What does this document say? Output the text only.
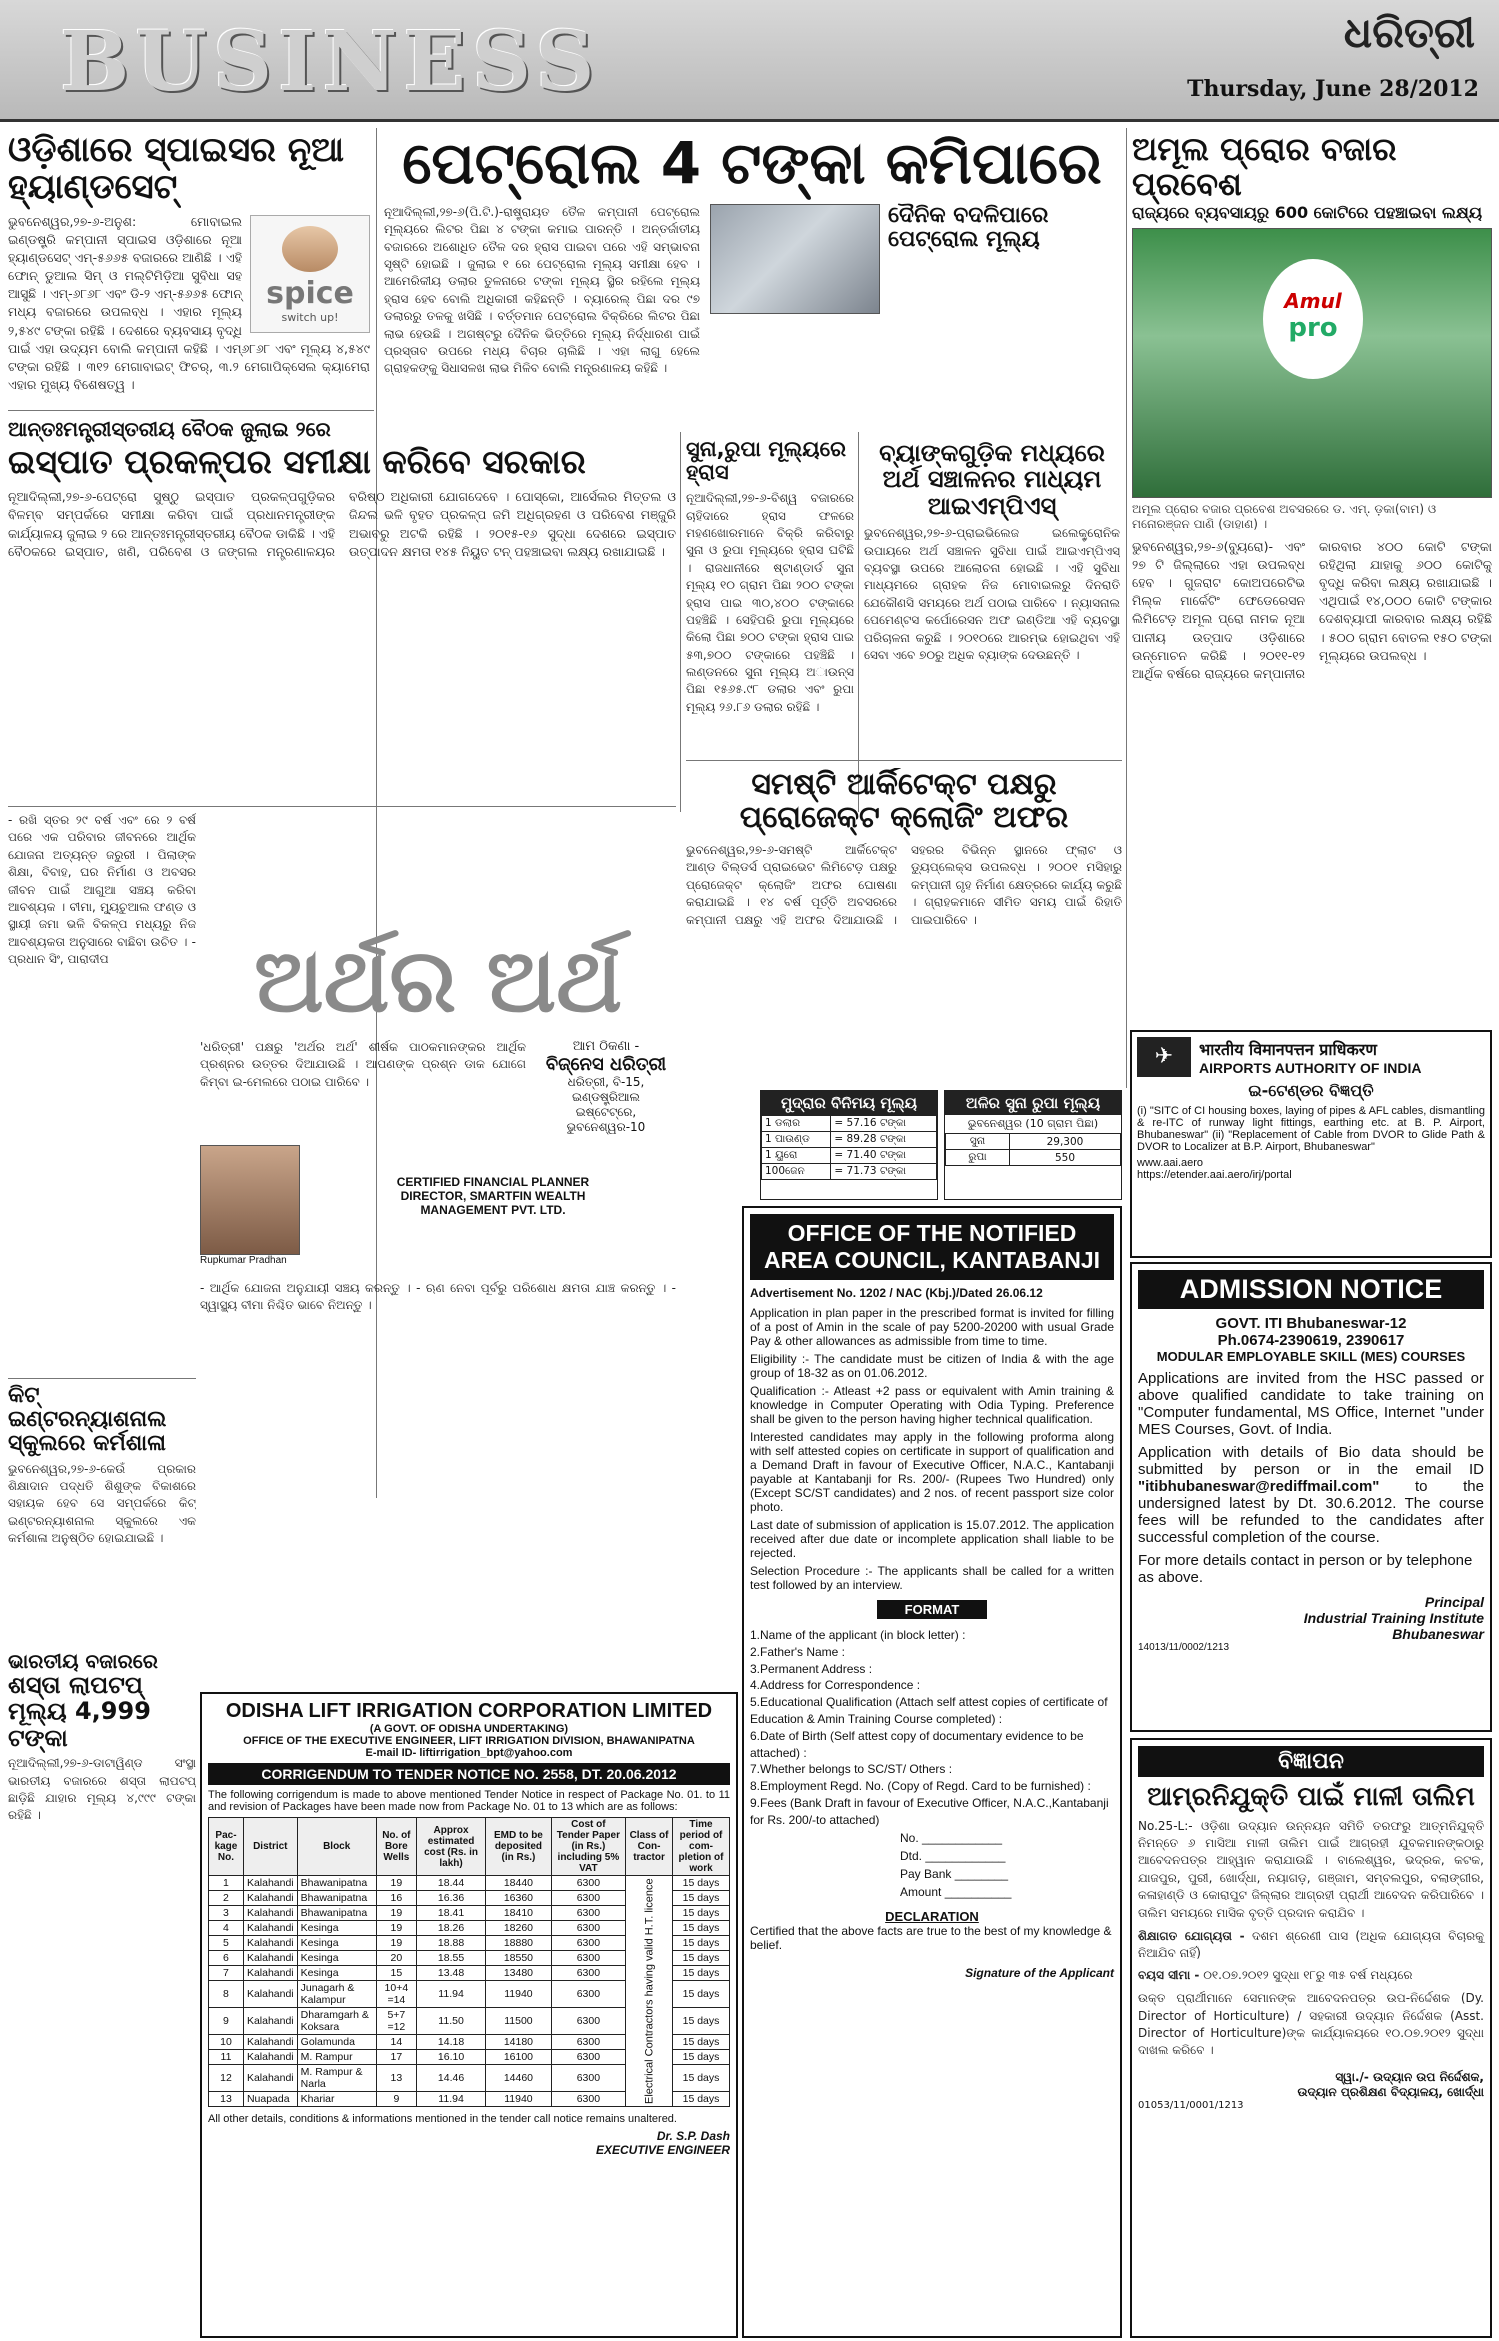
BUSINESS	ଧରିତ୍ରୀ
Thursday, June 28/2012
ଓଡ଼ିଶାରେ ସ୍ପାଇସର ନୂଆ ହ୍ୟାଣ୍ଡସେଟ୍
spice
switch up!
ଭୁବନେଶ୍ୱର,୨୭-୬-ଅନୁଶ: ମୋବାଇଲ ଇଣ୍ଡଷ୍ଟ୍ରି କମ୍ପାନୀ ସ୍ପାଇସ ଓଡ଼ିଶାରେ ନୂଆ ହ୍ୟାଣ୍ଡସେଟ୍ ଏମ୍-୫୬୬୫ ବଜାରରେ ଆଣିଛି । ଏହି ଫୋନ୍ ଡୁଆଲ ସିମ୍ ଓ ମଲ୍ଟିମିଡ଼ିଆ ସୁବିଧା ସହ ଆସୁଛି । ଏମ୍-୬୮୬୮ ଏବଂ ଡି-୨ ଏମ୍-୫୬୬୫ ଫୋନ୍ ମଧ୍ୟ ବଜାରରେ ଉପଲବ୍ଧ । ଏହାର ମୂଲ୍ୟ ୨,୫୪୯ ଟଙ୍କା ରହିଛି । ଦେଶରେ ବ୍ୟବସାୟ ବୃଦ୍ଧି ପାଇଁ ଏହା ଉଦ୍ୟମ ବୋଲି କମ୍ପାନୀ କହିଛି । ଏମ୍୬୮୬୮ ଏବଂ ମୂଲ୍ୟ ୪,୫୪୯ ଟଙ୍କା ରହିଛି । ୩୧୨ ମେଗାବାଇଟ୍ ଫିଚର୍, ୩.୨ ମେଗାପିକ୍ସେଲ କ୍ୟାମେରା ଏହାର ମୁଖ୍ୟ ବିଶେଷତ୍ୱ ।
ପେଟ୍ରୋଲ 4 ଟଙ୍କା କମିପାରେ
ନୂଆଦିଲ୍ଲୀ,୨୭-୬(ପି.ଟି.)-ରାଷ୍ଟ୍ରାୟତ ତୈଳ କମ୍ପାନୀ ପେଟ୍ରୋଲ ମୂଲ୍ୟରେ ଲିଟର ପିଛା ୪ ଟଙ୍କା କମାଇ ପାରନ୍ତି । ଅନ୍ତର୍ଜାତୀୟ ବଜାରରେ ଅଶୋଧିତ ତୈଳ ଦର ହ୍ରାସ ପାଇବା ପରେ ଏହି ସମ୍ଭାବନା ସୃଷ୍ଟି ହୋଇଛି । ଜୁଲାଇ ୧ ରେ ପେଟ୍ରୋଲ ମୂଲ୍ୟ ସମୀକ୍ଷା ହେବ । ଆମେରିକୀୟ ଡଲାର ତୁଳନାରେ ଟଙ୍କା ମୂଲ୍ୟ ସ୍ଥିର ରହିଲେ ମୂଲ୍ୟ ହ୍ରାସ ହେବ ବୋଲି ଅଧିକାରୀ କହିଛନ୍ତି । ବ୍ୟାରେଲ୍ ପିଛା ଦର ୯୭ ଡଲାରରୁ ତଳକୁ ଖସିଛି । ବର୍ତ୍ତମାନ ପେଟ୍ରୋଲ ବିକ୍ରିରେ ଲିଟର ପିଛା ଲାଭ ହେଉଛି । ଅଗଷ୍ଟରୁ ଦୈନିକ ଭିତ୍ତିରେ ମୂଲ୍ୟ ନିର୍ଦ୍ଧାରଣ ପାଇଁ ପ୍ରସ୍ତାବ ଉପରେ ମଧ୍ୟ ବିଚାର ଚାଲିଛି । ଏହା ଲାଗୁ ହେଲେ ଗ୍ରାହକଙ୍କୁ ସିଧାସଳଖ ଲାଭ ମିଳିବ ବୋଲି ମନ୍ତ୍ରଣାଳୟ କହିଛି ।
ଦୈନିକ ବଦଳିପାରେ ପେଟ୍ରୋଲ ମୂଲ୍ୟ
ଅମୂଲ ପ୍ରୋର ବଜାର ପ୍ରବେଶ
ରାଜ୍ୟରେ ବ୍ୟବସାୟରୁ 600 କୋଟିରେ ପହଞ୍ଚାଇବା ଲକ୍ଷ୍ୟ
Amul
pro
ଅମୂଲ ପ୍ରୋର ବଜାର ପ୍ରବେଶ ଅବସରରେ ଡ. ଏମ୍. ଡ଼କା(ବାମ) ଓ ମନୋରଞ୍ଜନ ପାଣି (ଡାହାଣ) ।
ଭୁବନେଶ୍ୱର,୨୭-୬(ବ୍ୟୁରୋ)- ଏବଂ ୨୭ ଟି ଜିଲ୍ଲାରେ ଏହା ଉପଲବ୍ଧ ହେବ । ଗୁଜରାଟ କୋଅପରେଟିଭ ମିଲ୍କ ମାର୍କେଟିଂ ଫେଡେରେସନ ଲିମିଟେଡ଼ ଅମୂଲ ପ୍ରୋ ନାମକ ନୂଆ ପାନୀୟ ଉତ୍ପାଦ ଓଡ଼ିଶାରେ ଉନ୍ମୋଚନ କରିଛି । ୨୦୧୧-୧୨ ଆର୍ଥିକ ବର୍ଷରେ ରାଜ୍ୟରେ କମ୍ପାନୀର କାରବାର ୪୦୦ କୋଟି ଟଙ୍କା ରହିଥିଲା ଯାହାକୁ ୬୦୦ କୋଟିକୁ ବୃଦ୍ଧି କରିବା ଲକ୍ଷ୍ୟ ରଖାଯାଇଛି । ଏଥିପାଇଁ ୧୪,୦୦୦ କୋଟି ଟଙ୍କାର ଦେଶବ୍ୟାପୀ କାରବାର ଲକ୍ଷ୍ୟ ରହିଛି । ୫୦୦ ଗ୍ରାମ ବୋତଲ ୧୫୦ ଟଙ୍କା ମୂଲ୍ୟରେ ଉପଲବ୍ଧ ।
ଆନ୍ତଃମନ୍ତ୍ରୀସ୍ତରୀୟ ବୈଠକ ଜୁଲାଇ ୨ରେ
ଇସ୍ପାତ ପ୍ରକଳ୍ପର ସମୀକ୍ଷା କରିବେ ସରକାର
ନୂଆଦିଲ୍ଲୀ,୨୭-୬-ପେଟ୍ରୋ ସୁଷ୍ଠୁ ଇସ୍ପାତ ପ୍ରକଳ୍ପଗୁଡ଼ିକର ବିଳମ୍ବ ସମ୍ପର୍କରେ ସମୀକ୍ଷା କରିବା ପାଇଁ ପ୍ରଧାନମନ୍ତ୍ରୀଙ୍କ କାର୍ଯ୍ୟାଳୟ ଜୁଲାଇ ୨ ରେ ଆନ୍ତଃମନ୍ତ୍ରୀସ୍ତରୀୟ ବୈଠକ ଡାକିଛି । ଏହି ବୈଠକରେ ଇସ୍ପାତ, ଖଣି, ପରିବେଶ ଓ ଜଙ୍ଗଲ ମନ୍ତ୍ରଣାଳୟର ବରିଷ୍ଠ ଅଧିକାରୀ ଯୋଗଦେବେ । ପୋସ୍କୋ, ଆର୍ସେଲର ମିତ୍ତଲ ଓ ଜିନ୍ଦଲ ଭଳି ବୃହତ ପ୍ରକଳ୍ପ ଜମି ଅଧିଗ୍ରହଣ ଓ ପରିବେଶ ମଞ୍ଜୁରି ଅଭାବରୁ ଅଟକି ରହିଛି । ୨୦୧୫-୧୬ ସୁଦ୍ଧା ଦେଶରେ ଇସ୍ପାତ ଉତ୍ପାଦନ କ୍ଷମତା ୧୪୫ ନିୟୁତ ଟନ୍ ପହଞ୍ଚାଇବା ଲକ୍ଷ୍ୟ ରଖାଯାଇଛି ।
ସୁନା,ରୁପା ମୂଲ୍ୟରେ ହ୍ରାସ
ନୂଆଦିଲ୍ଲୀ,୨୭-୬-ବିଶ୍ୱ ବଜାରରେ ଚାହିଦାରେ ହ୍ରାସ ଫଳରେ ମହଣଖୋରମାନେ ବିକ୍ରି କରିବାରୁ ସୁନା ଓ ରୁପା ମୂଲ୍ୟରେ ହ୍ରାସ ଘଟିଛି । ରାଜଧାନୀରେ ଷ୍ଟାଣ୍ଡାର୍ଡ ସୁନା ମୂଲ୍ୟ ୧୦ ଗ୍ରାମ ପିଛା ୨୦୦ ଟଙ୍କା ହ୍ରାସ ପାଇ ୩୦,୪୦୦ ଟଙ୍କାରେ ପହଞ୍ଚିଛି । ସେହିପରି ରୁପା ମୂଲ୍ୟରେ କିଲୋ ପିଛା ୭୦୦ ଟଙ୍କା ହ୍ରାସ ପାଇ ୫୩,୭୦୦ ଟଙ୍କାରେ ପହଞ୍ଚିଛି । ଲଣ୍ଡନରେ ସୁନା ମୂଲ୍ୟ ଅାଉନ୍ସ ପିଛା ୧୫୬୫.୯୮ ଡଲାର ଏବଂ ରୁପା ମୂଲ୍ୟ ୨୬.୮୬ ଡଲାର ରହିଛି ।
ବ୍ୟାଙ୍କଗୁଡ଼ିକ ମଧ୍ୟରେ ଅର୍ଥ ସଞ୍ଚାଳନର ମାଧ୍ୟମ ଆଇଏମ୍‌ପିଏସ୍
ଭୁବନେଶ୍ୱର,୨୭-୬-ପ୍ରାଇଭିଲେଜ ଇଲେକ୍ଟ୍ରୋନିକ ଉପାୟରେ ଅର୍ଥ ସଞ୍ଚାଳନ ସୁବିଧା ପାଇଁ ଆଇଏମ୍‌ପିଏସ୍ ବ୍ୟବସ୍ଥା ଉପରେ ଆଲୋଚନା ହୋଇଛି । ଏହି ସୁବିଧା ମାଧ୍ୟମରେ ଗ୍ରାହକ ନିଜ ମୋବାଇଲରୁ ଦିନରାତି ଯେକୌଣସି ସମୟରେ ଅର୍ଥ ପଠାଇ ପାରିବେ । ନ୍ୟାସନାଲ ପେମେଣ୍ଟସ କର୍ପୋରେସନ ଅଫ ଇଣ୍ଡିଆ ଏହି ବ୍ୟବସ୍ଥା ପରିଚାଳନା କରୁଛି । ୨୦୧୦ରେ ଆରମ୍ଭ ହୋଇଥିବା ଏହି ସେବା ଏବେ ୭୦ରୁ ଅଧିକ ବ୍ୟାଙ୍କ ଦେଉଛନ୍ତି ।
ସମଷ୍ଟି ଆର୍କିଟେକ୍ଟ ପକ୍ଷରୁ ପ୍ରୋଜେକ୍ଟ କ୍ଲୋଜିଂ ଅଫର
ଭୁବନେଶ୍ୱର,୨୭-୬-ସମଷ୍ଟି ଆର୍କିଟେକ୍ଟ ଆଣ୍ଡ ବିଲ୍ଡର୍ସ ପ୍ରାଇଭେଟ ଲିମିଟେଡ଼ ପକ୍ଷରୁ ପ୍ରୋଜେକ୍ଟ କ୍ଲୋଜିଂ ଅଫର ଘୋଷଣା କରାଯାଇଛି । ୧୪ ବର୍ଷ ପୂର୍ତ୍ତି ଅବସରରେ କମ୍ପାନୀ ପକ୍ଷରୁ ଏହି ଅଫର ଦିଆଯାଉଛି । ସହରର ବିଭିନ୍ନ ସ୍ଥାନରେ ଫ୍ଲାଟ ଓ ଡ୍ୟୁପ୍ଲେକ୍ସ ଉପଲବ୍ଧ । ୨୦୦୧ ମସିହାରୁ କମ୍ପାନୀ ଗୃହ ନିର୍ମାଣ କ୍ଷେତ୍ରରେ କାର୍ଯ୍ୟ କରୁଛି । ଗ୍ରାହକମାନେ ସୀମିତ ସମୟ ପାଇଁ ରିହାତି ପାଇପାରିବେ ।
ମୁଦ୍ରାର ବିନିମୟ ମୂଲ୍ୟ
1 ଡଲାର	= 57.16 ଟଙ୍କା
1 ପାଉଣ୍ଡ	= 89.28 ଟଙ୍କା
1 ୟୁରୋ	= 71.40 ଟଙ୍କା
100ଜେନ	= 71.73 ଟଙ୍କା
ଅଳିର ସୁନା ରୁପା ମୂଲ୍ୟ
ଭୁବନେଶ୍ୱର (10 ଗ୍ରାମ ପିଛା)
ସୁନା	29,300
ରୁପା	550
- ରଖି ସ୍ତର ୨୯ ବର୍ଷ ଏବଂ ରେ ୨ ବର୍ଷ ପରେ ଏକ ପରିବାର ଜୀବନରେ ଆର୍ଥିକ ଯୋଜନା ଅତ୍ୟନ୍ତ ଜରୁରୀ । ପିଲାଙ୍କ ଶିକ୍ଷା, ବିବାହ, ଘର ନିର୍ମାଣ ଓ ଅବସର ଜୀବନ ପାଇଁ ଆଗୁଆ ସଞ୍ଚୟ କରିବା ଆବଶ୍ୟକ । ବୀମା, ମ୍ୟୁଚୁଆଲ ଫଣ୍ଡ ଓ ସ୍ଥାୟୀ ଜମା ଭଳି ବିକଳ୍ପ ମଧ୍ୟରୁ ନିଜ ଆବଶ୍ୟକତା ଅନୁସାରେ ବାଛିବା ଉଚିତ । - ପ୍ରଧାନ ସିଂ, ପାରାଦୀପ	ଅର୍ଥର ଅର୍ଥ
'ଧରିତ୍ରୀ' ପକ୍ଷରୁ 'ଅର୍ଥର ଅର୍ଥ' ଶୀର୍ଷକ ପାଠକମାନଙ୍କର ଆର୍ଥିକ ପ୍ରଶ୍ନର ଉତ୍ତର ଦିଆଯାଉଛି । ଆପଣଙ୍କ ପ୍ରଶ୍ନ ଡାକ ଯୋଗେ କିମ୍ବା ଇ-ମେଲରେ ପଠାଇ ପାରିବେ ।
ଆମ ଠିକଣା -
ବିଜ୍ନେସ ଧରିତ୍ରୀ
ଧରିତ୍ରୀ, ବି-15, ଇଣ୍ଡଷ୍ଟ୍ରିଆଲ
ଇଷ୍ଟେଟ୍ରେ, ଭୁବନେଶ୍ୱର-10
Rupkumar Pradhan
CERTIFIED FINANCIAL PLANNER
DIRECTOR, SMARTFIN WEALTH
MANAGEMENT PVT. LTD.
- ଆର୍ଥିକ ଯୋଜନା ଅନୁଯାୟୀ ସଞ୍ଚୟ କରନ୍ତୁ । - ଋଣ ନେବା ପୂର୍ବରୁ ପରିଶୋଧ କ୍ଷମତା ଯାଞ୍ଚ କରନ୍ତୁ । - ସ୍ୱାସ୍ଥ୍ୟ ବୀମା ନିଶ୍ଚିତ ଭାବେ ନିଅନ୍ତୁ ।
କିଟ୍ ଇଣ୍ଟରନ୍ୟାଶନାଲ ସ୍କୁଲରେ କର୍ମଶାଳା
ଭୁବନେଶ୍ୱର,୨୭-୬-କେଉଁ ପ୍ରକାର ଶିକ୍ଷାଦାନ ପଦ୍ଧତି ଶିଶୁଙ୍କ ବିକାଶରେ ସହାୟକ ହେବ ସେ ସମ୍ପର୍କରେ କିଟ୍ ଇଣ୍ଟରନ୍ୟାଶନାଲ ସ୍କୁଲରେ ଏକ କର୍ମଶାଳା ଅନୁଷ୍ଠିତ ହୋଇଯାଇଛି ।
ଭାରତୀୟ ବଜାରରେ
ଶସ୍ତା ଲାପଟପ୍
ମୂଲ୍ୟ 4,999 ଟଙ୍କା
ନୂଆଦିଲ୍ଲୀ,୨୭-୬-ଡାଟାୱିଣ୍ଡ ସଂସ୍ଥା ଭାରତୀୟ ବଜାରରେ ଶସ୍ତା ଲାପଟପ୍ ଛାଡ଼ିଛି ଯାହାର ମୂଲ୍ୟ ୪,୯୯୯ ଟଙ୍କା ରହିଛି ।
ODISHA LIFT IRRIGATION CORPORATION LIMITED
(A GOVT. OF ODISHA UNDERTAKING)
OFFICE OF THE EXECUTIVE ENGINEER, LIFT IRRIGATION DIVISION, BHAWANIPATNA
E-mail ID- liftirrigation_bpt@yahoo.com
CORRIGENDUM TO TENDER NOTICE NO. 2558, DT. 20.06.2012
The following corrigendum is made to above mentioned Tender Notice in respect of Package No. 01. to 11 and revision of Packages have been made now from Package No. 01 to 13 which are as follows:
Pac-kage No.	District	Block	No. of Bore Wells	Approx estimated cost (Rs. in lakh)	EMD to be deposited (in Rs.)	Cost of Tender Paper (in Rs.) including 5% VAT	Class of Con-tractor	Time period of com-pletion of work
1	Kalahandi	Bhawanipatna	19	18.44	18440	6300	Electrical Contractors having valid H.T. licence	15 days
2	Kalahandi	Bhawanipatna	16	16.36	16360	6300		15 days
3	Kalahandi	Bhawanipatna	19	18.41	18410	6300		15 days
4	Kalahandi	Kesinga	19	18.26	18260	6300		15 days
5	Kalahandi	Kesinga	19	18.88	18880	6300		15 days
6	Kalahandi	Kesinga	20	18.55	18550	6300		15 days
7	Kalahandi	Kesinga	15	13.48	13480	6300		15 days
8	Kalahandi	Junagarh & Kalampur	10+4 =14	11.94	11940	6300		15 days
9	Kalahandi	Dharamgarh & Koksara	5+7 =12	11.50	11500	6300		15 days
10	Kalahandi	Golamunda	14	14.18	14180	6300		15 days
11	Kalahandi	M. Rampur	17	16.10	16100	6300		15 days
12	Kalahandi	M. Rampur & Narla	13	14.46	14460	6300		15 days
13	Nuapada	Khariar	9	11.94	11940	6300		15 days
All other details, conditions & informations mentioned in the tender call notice remains unaltered.
Dr. S.P. Dash
EXECUTIVE ENGINEER
OFFICE OF THE NOTIFIED
AREA COUNCIL, KANTABANJI
Advertisement No. 1202 / NAC (Kbj.)/Dated 26.06.12
Application in plan paper in the prescribed format is invited for filling of a post of Amin in the scale of pay 5200-20200 with usual Grade Pay & other allowances as admissible from time to time.
Eligibility :- The candidate must be citizen of India & with the age group of 18-32 as on 01.06.2012.
Qualification :- Atleast +2 pass or equivalent with Amin training & knowledge in Computer Operating with Odia Typing. Preference shall be given to the person having higher technical qualification.
Interested candidates may apply in the following proforma along with self attested copies on certificate in support of qualification and a Demand Draft in favour of Executive Officer, N.A.C., Kantabanji payable at Kantabanji for Rs. 200/- (Rupees Two Hundred) only (Except SC/ST candidates) and 2 nos. of recent passport size color photo.
Last date of submission of application is 15.07.2012. The application received after due date or incomplete application shall liable to be rejected.
Selection Procedure :- The applicants shall be called for a written test followed by an interview.
FORMAT
1.Name of the applicant (in block letter) :
2.Father's Name :
3.Permanent Address :
4.Address for Correspondence :
5.Educational Qualification (Attach self attest copies of certificate of Education & Amin Training Course completed) :
6.Date of Birth (Self attest copy of documentary evidence to be attached) :
7.Whether belongs to SC/ST/ Others :
8.Employment Regd. No. (Copy of Regd. Card to be furnished) :
9.Fees (Bank Draft in favour of Executive Officer, N.A.C.,Kantabanji for Rs. 200/-to attached)
No. ____________
Dtd. ____________
Pay Bank ________
Amount __________
DECLARATION
Certified that the above facts are true to the best of my knowledge & belief.
Signature of the Applicant
✈	भारतीय विमानपत्तन प्राधिकरण
AIRPORTS AUTHORITY OF INDIA
ଇ-ଟେଣ୍ଡର ବିଜ୍ଞପ୍ତି
(i) "SITC of CI housing boxes, laying of pipes & AFL cables, dismantling & re-ITC of runway light fittings, earthing etc. at B. P. Airport, Bhubaneswar" (ii) "Replacement of Cable from DVOR to Glide Path & DVOR to Localizer at B.P. Airport, Bhubaneswar"
www.aai.aero
https://etender.aai.aero/irj/portal
ADMISSION NOTICE
GOVT. ITI Bhubaneswar-12
Ph.0674-2390619, 2390617
MODULAR EMPLOYABLE SKILL (MES) COURSES
Applications are invited from the HSC passed or above qualified candidate to take training on "Computer fundamental, MS Office, Internet "under MES Courses, Govt. of India.
Application with details of Bio data should be submitted by person or in the email ID "itibhubaneswar@rediffmail.com" to the undersigned latest by Dt. 30.6.2012. The course fees will be refunded to the candidates after successful completion of the course.
For more details contact in person or by telephone as above.
Principal
Industrial Training Institute
Bhubaneswar
14013/11/0002/1213
ବିଜ୍ଞାପନ
ଆମ୍ରନିଯୁକ୍ତି ପାଇଁ ମାଳୀ ତାଲିମ
No.25-L:- ଓଡ଼ିଶା ଉଦ୍ୟାନ ଉନ୍ନୟନ ସମିତି ତରଫରୁ ଆତ୍ମନିଯୁକ୍ତି ନିମନ୍ତେ ୬ ମାସିଆ ମାଳୀ ତାଲିମ ପାଇଁ ଆଗ୍ରହୀ ଯୁବକମାନଙ୍କଠାରୁ ଆବେଦନପତ୍ର ଆହ୍ୱାନ କରାଯାଉଛି । ବାଲେଶ୍ୱର, ଭଦ୍ରକ, କଟକ, ଯାଜପୁର, ପୁରୀ, ଖୋର୍ଦ୍ଧା, ନୟାଗଡ଼, ଗଞ୍ଜାମ, ସମ୍ବଲପୁର, ବଲାଙ୍ଗୀର, କଳାହାଣ୍ଡି ଓ କୋରାପୁଟ ଜିଲ୍ଲାର ଆଗ୍ରହୀ ପ୍ରାର୍ଥୀ ଆବେଦନ କରିପାରିବେ । ତାଲିମ ସମୟରେ ମାସିକ ବୃତ୍ତି ପ୍ରଦାନ କରାଯିବ ।
ଶିକ୍ଷାଗତ ଯୋଗ୍ୟତା - ଦଶମ ଶ୍ରେଣୀ ପାସ (ଅଧିକ ଯୋଗ୍ୟତା ବିଚାରକୁ ନିଆଯିବ ନାହିଁ)
ବୟସ ସୀମା - ୦୧.୦୭.୨୦୧୨ ସୁଦ୍ଧା ୧୮ରୁ ୩୫ ବର୍ଷ ମଧ୍ୟରେ
ଉକ୍ତ ପ୍ରାର୍ଥୀମାନେ ସେମାନଙ୍କ ଆବେଦନପତ୍ର ଉପ-ନିର୍ଦ୍ଦେଶକ (Dy. Director of Horticulture) / ସହକାରୀ ଉଦ୍ୟାନ ନିର୍ଦ୍ଦେଶକ (Asst. Director of Horticulture)ଙ୍କ କାର୍ଯ୍ୟାଳୟରେ ୧୦.୦୭.୨୦୧୨ ସୁଦ୍ଧା ଦାଖଲ କରିବେ ।
ସ୍ୱା./- ଉଦ୍ୟାନ ଉପ ନିର୍ଦ୍ଦେଶକ,
ଉଦ୍ୟାନ ପ୍ରଶିକ୍ଷଣ ବିଦ୍ୟାଳୟ, ଖୋର୍ଦ୍ଧା
01053/11/0001/1213
